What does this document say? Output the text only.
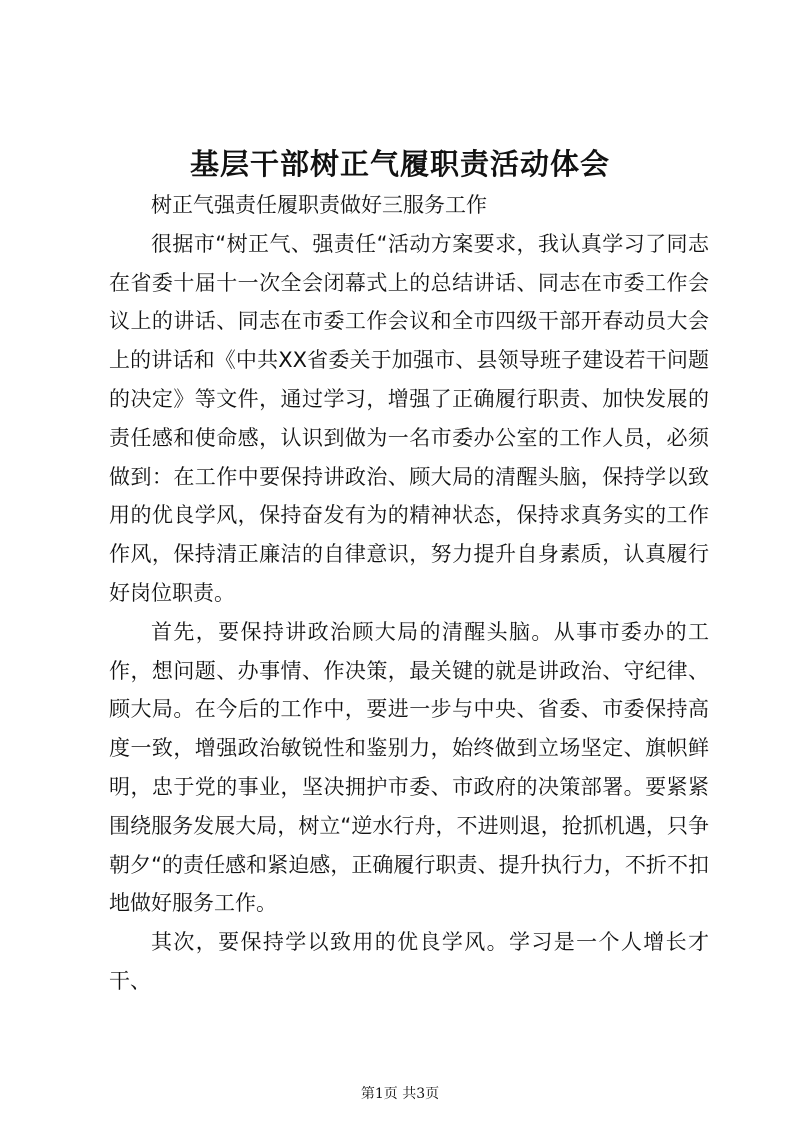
基层干部树正气履职责活动体会

树正气强责任履职责做好三服务工作

很据市“树正气、强责任“活动方案要求，我认真学习了同志在省委十届十一次全会闭幕式上的总结讲话、同志在市委工作会议上的讲话、同志在市委工作会议和全市四级干部开春动员大会上的讲话和《中共XX省委关于加强市、县领导班子建设若干问题的决定》等文件，通过学习，增强了正确履行职责、加快发展的责任感和使命感，认识到做为一名市委办公室的工作人员，必须做到：在工作中要保持讲政治、顾大局的清醒头脑，保持学以致用的优良学风，保持奋发有为的精神状态，保持求真务实的工作作风，保持清正廉洁的自律意识，努力提升自身素质，认真履行好岗位职责。

首先，要保持讲政治顾大局的清醒头脑。从事市委办的工作，想问题、办事情、作决策，最关键的就是讲政治、守纪律、顾大局。在今后的工作中，要进一步与中央、省委、市委保持高度一致，增强政治敏锐性和鉴别力，始终做到立场坚定、旗帜鲜明，忠于党的事业，坚决拥护市委、市政府的决策部署。要紧紧围绕服务发展大局，树立“逆水行舟，不进则退，抢抓机遇，只争朝夕“的责任感和紧迫感，正确履行职责、提升执行力，不折不扣地做好服务工作。

其次，要保持学以致用的优良学风。学习是一个人增长才干、

第1页 共3页
